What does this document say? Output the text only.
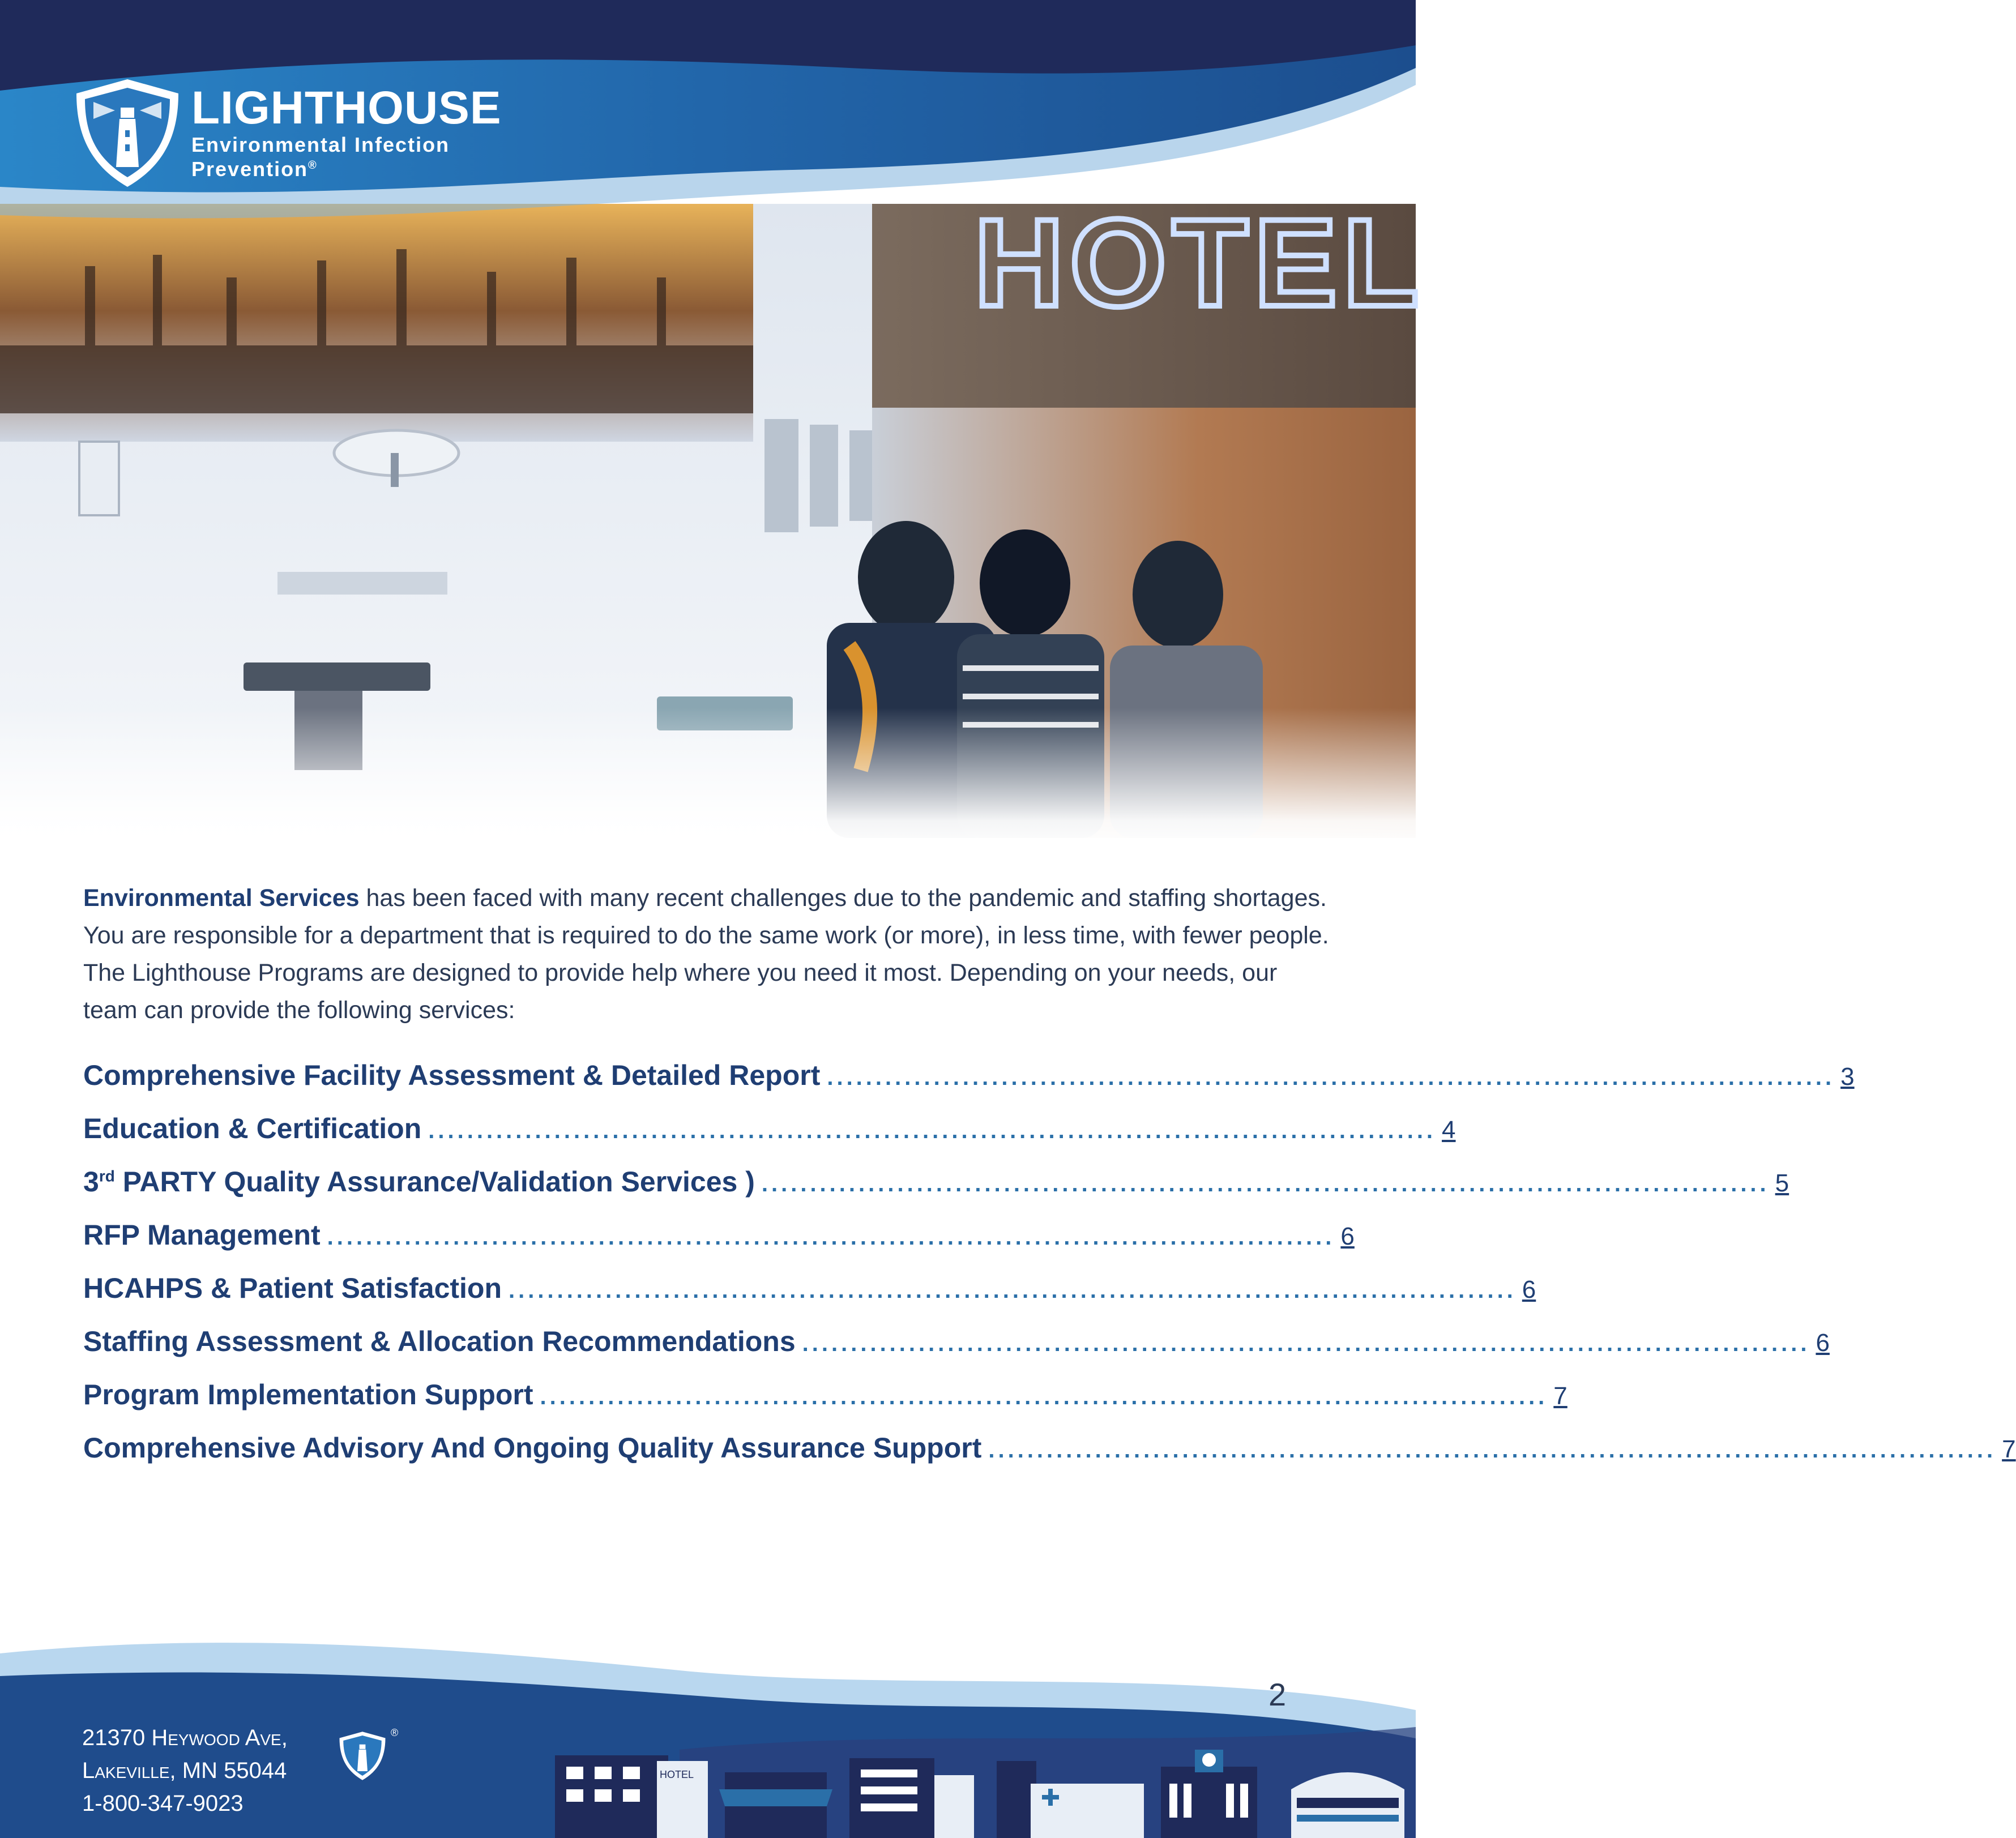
HOTEL
LIGHTHOUSE
Environmental Infection
Prevention®

Environmental Services has been faced with many recent challenges due to the pandemic and staffing shortages. You are responsible for a department that is required to do the same work (or more), in less time, with fewer people. The Lighthouse Programs are designed to provide help where you need it most. Depending on your needs, our team can provide the following services:

Comprehensive Facility Assessment & Detailed Report ........................................................................................................ 3
Education & Certification ........................................................................................................ 4
3rd PARTY Quality Assurance/Validation Services ) ........................................................................................................ 5
RFP Management ........................................................................................................ 6
HCAHPS & Patient Satisfaction ........................................................................................................ 6
Staffing Assessment & Allocation Recommendations ........................................................................................................ 6
Program Implementation Support ........................................................................................................ 7
Comprehensive Advisory And Ongoing Quality Assurance Support ........................................................................................................ 7
2
21370 Heywood Ave,
Lakeville, MN 55044
1-800-347-9023
®
HOTEL
